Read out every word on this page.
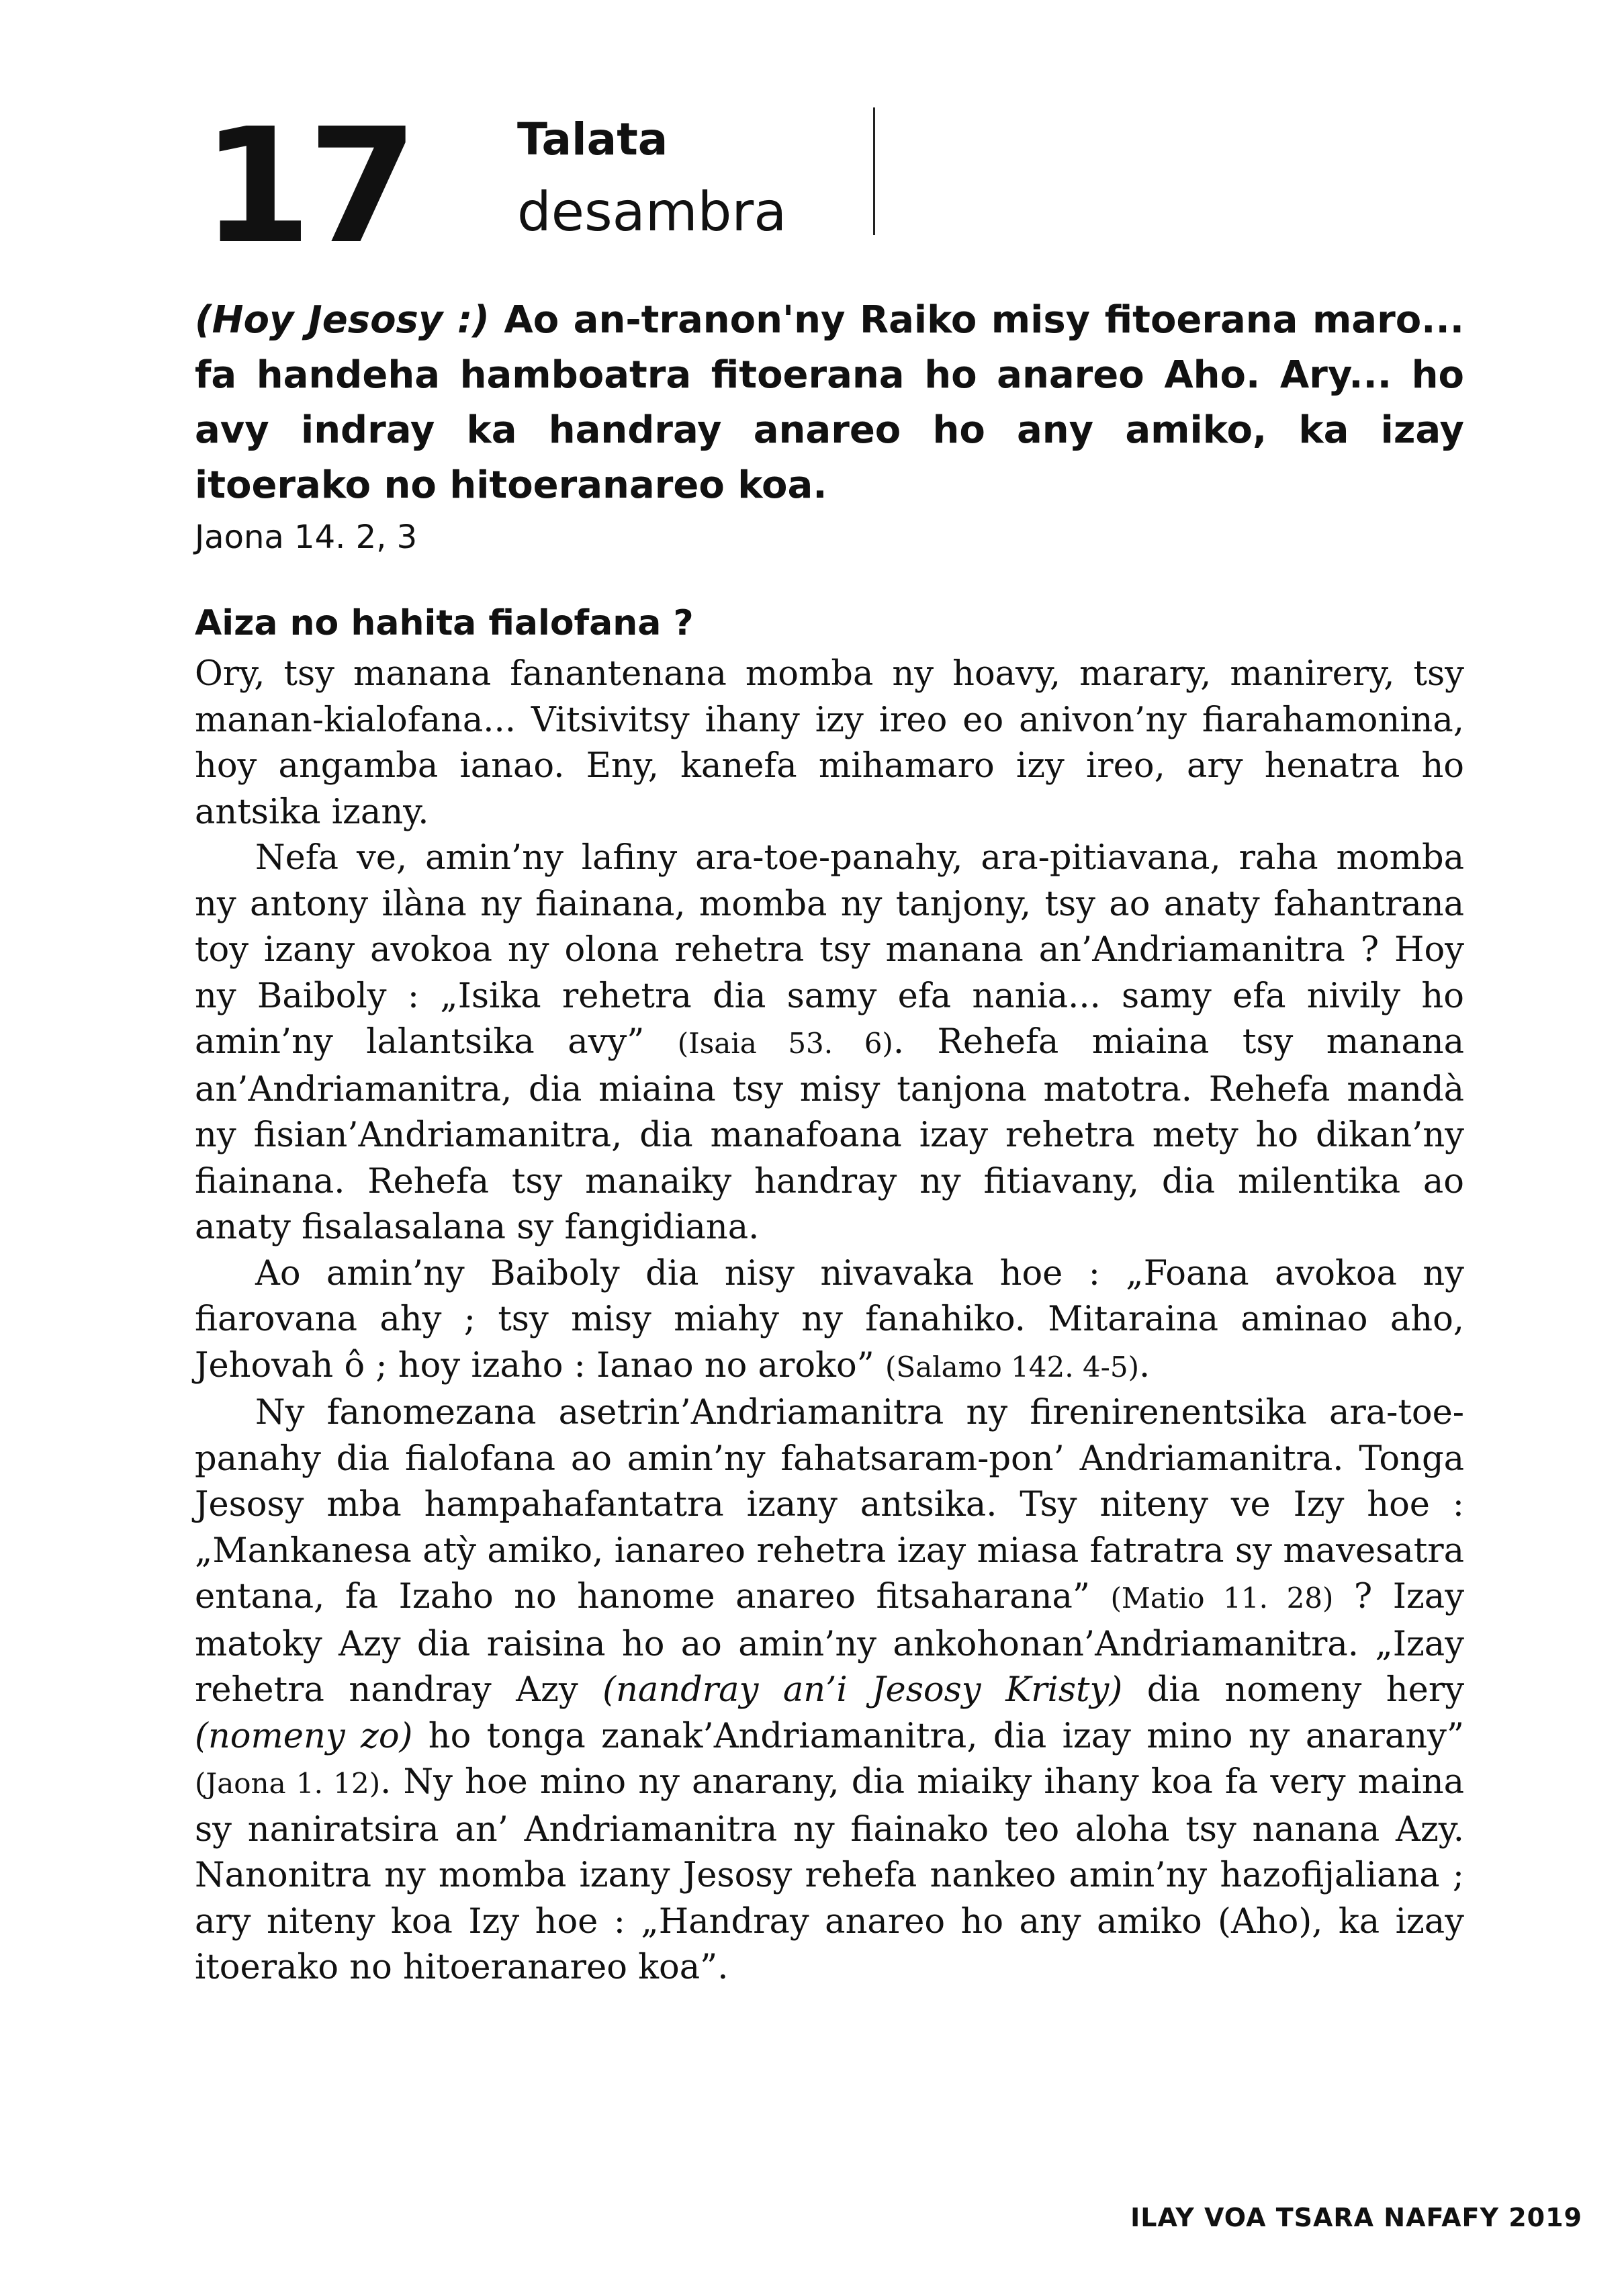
17 Talata
desambra

(Hoy Jesosy :) Ao an-tranon'ny Raiko misy fitoerana maro... fa handeha hamboatra fitoerana ho anareo Aho. Ary... ho avy indray ka handray anareo ho any amiko, ka izay itoerako no hitoeranareo koa.

Jaona 14. 2, 3

Aiza no hahita fialofana ?

Ory, tsy manana fanantenana momba ny hoavy, marary, manirery, tsy manan-kialofana... Vitsivitsy ihany izy ireo eo anivon’ny fiarahamonina, hoy angamba ianao. Eny, kanefa mihamaro izy ireo, ary henatra ho antsika izany.

Nefa ve, amin’ny lafiny ara-toe-panahy, ara-pitiavana, raha momba ny antony ilàna ny fiainana, momba ny tanjony, tsy ao anaty fahantrana toy izany avokoa ny olona rehetra tsy manana an’Andriamanitra ? Hoy ny Baiboly : „Isika rehetra dia samy efa nania... samy efa nivily ho amin’ny lalantsika avy” (Isaia 53. 6). Rehefa miaina tsy manana an’Andriamanitra, dia miaina tsy misy tanjona matotra. Rehefa mandà ny fisian’Andriamanitra, dia manafoana izay rehetra mety ho dikan’ny fiainana. Rehefa tsy manaiky handray ny fitiavany, dia milentika ao anaty fisalasalana sy fangidiana.

Ao amin’ny Baiboly dia nisy nivavaka hoe : „Foana avokoa ny fiarovana ahy ; tsy misy miahy ny fanahiko. Mitaraina aminao aho, Jehovah ô ; hoy izaho : Ianao no aroko” (Salamo 142. 4-5).

Ny fanomezana asetrin’Andriamanitra ny firenirenentsika ara-toe-panahy dia fialofana ao amin’ny fahatsaram-pon’ Andriamanitra. Tonga Jesosy mba hampahafantatra izany antsika. Tsy niteny ve Izy hoe : „Mankanesa atỳ amiko, ianareo rehetra izay miasa fatratra sy mavesatra entana, fa Izaho no hanome anareo fitsaharana” (Matio 11. 28) ? Izay matoky Azy dia raisina ho ao amin’ny ankohonan’Andriamanitra. „Izay rehetra nandray Azy (nandray an’i Jesosy Kristy) dia nomeny hery (nomeny zo) ho tonga zanak’Andriamanitra, dia izay mino ny anarany” (Jaona 1. 12). Ny hoe mino ny anarany, dia miaiky ihany koa fa very maina sy naniratsira an’ Andriamanitra ny fiainako teo aloha tsy nanana Azy. Nanonitra ny momba izany Jesosy rehefa nankeo amin’ny hazofijaliana ; ary niteny koa Izy hoe : „Handray anareo ho any amiko (Aho), ka izay itoerako no hitoeranareo koa”.

ILAY VOA TSARA NAFAFY 2019
